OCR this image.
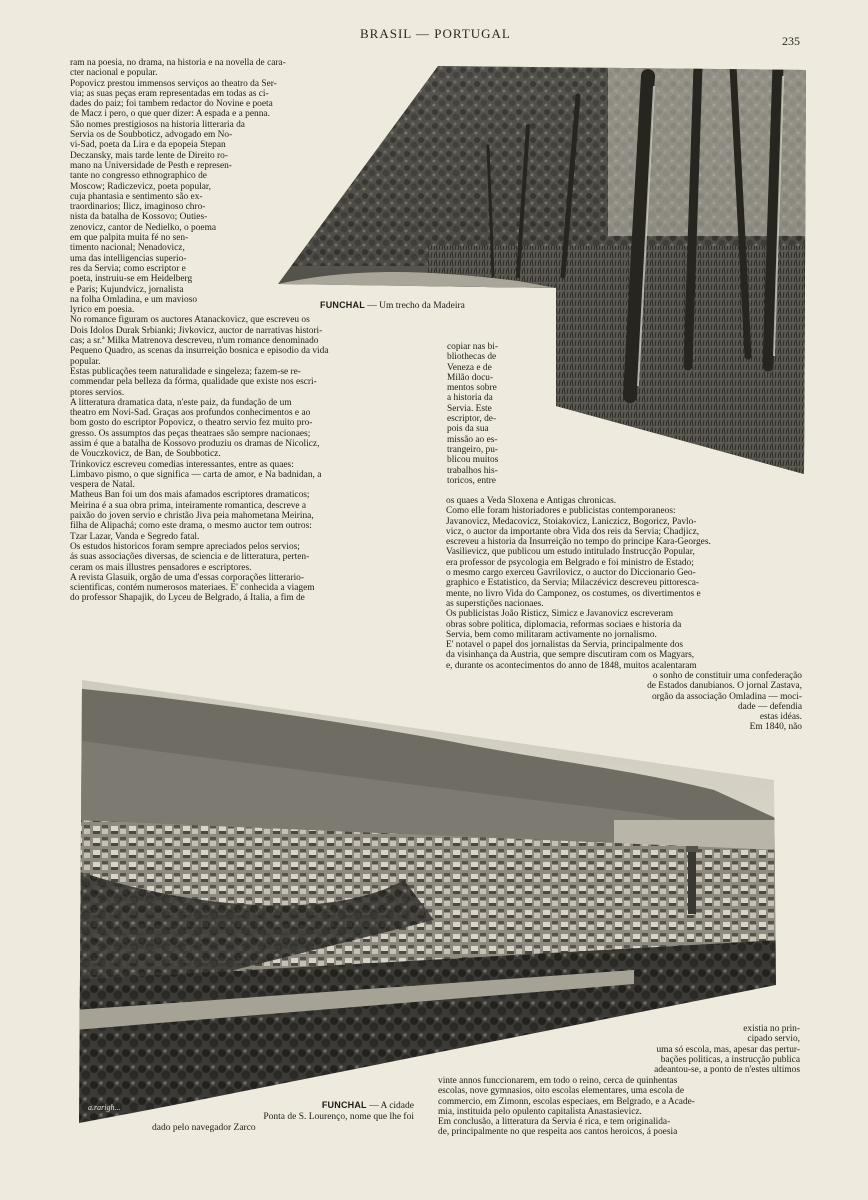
BRASIL — PORTUGAL	235
FUNCHAL — Um trecho da Madeira

ram na poesia, no drama, na historia e na novella de cara-

cter nacional e popular.

Popovicz prestou immensos serviços ao theatro da Ser-

via; as suas peças eram representadas em todas as ci-

dades do paiz; foi tambem redactor do Novine e poeta

de Macz i pero, o que quer dizer: A espada e a penna.

São nomes prestigiosos na historia litteraria da

Servia os de Soubboticz, advogado em No-

vi-Sad, poeta da Lira e da epopeia Stepan

Deczansky, mais tarde lente de Direito ro-

mano na Universidade de Pesth e represen-

tante no congresso ethnographico de

Moscow; Radiczevicz, poeta popular,

cuja phantasia e sentimento são ex-

traordinarios; Ilicz, imaginoso chro-

nista da batalha de Kossovo; Outies-

zenovicz, cantor de Nedielko, o poema

em que palpita muita fé no sen-

timento nacional; Nenadovicz,

uma das intelligencias superio-

res da Servia; como escriptor e

poeta, instruiu-se em Heidelberg

e Paris; Kujundvicz, jornalista

na folha Omladina, e um mavioso

lyrico em poesia.

No romance figuram os auctores Atanackovicz, que escreveu os

Dois Idolos Durak Srbianki; Jivkovicz, auctor de narrativas histori-

cas; a sr.ª Milka Matrenova descreveu, n'um romance denominado

Pequeno Quadro, as scenas da insurreição bosnica e episodio da vida

popular.

Estas publicações teem naturalidade e singeleza; fazem-se re-

commendar pela belleza da fórma, qualidade que existe nos escri-

ptores servios.

A litteratura dramatica data, n'este paiz, da fundação de um

theatro em Novi-Sad. Graças aos profundos conhecimentos e ao

bom gosto do escriptor Popovicz, o theatro servio fez muito pro-

gresso. Os assumptos das peças theatraes são sempre nacionaes;

assim é que a batalha de Kossovo produziu os dramas de Nicolicz,

de Vouczkovicz, de Ban, de Soubboticz.

Trinkovicz escreveu comedias interessantes, entre as quaes:

Limbavo pismo, o que significa — carta de amor, e Na badnidan, a

vespera de Natal.

Matheus Ban foi um dos mais afamados escriptores dramaticos;

Meirina é a sua obra prima, inteiramente romantica, descreve a

paixão do joven servio e christão Jiva peia mahometana Meirina,

filha de Alipachá; como este drama, o mesmo auctor tem outros:

Tzar Lazar, Vanda e Segredo fatal.

Os estudos historicos foram sempre apreciados pelos servios;

ás suas associações diversas, de sciencia e de litteratura, perten-

ceram os mais illustres pensadores e escriptores.

A revista Glasuik, orgão de uma d'essas corporações litterario-

scientificas, contém numerosos materiaes. E' conhecida a viagem

do professor Shapajik, do Lyceu de Belgrado, á Italia, a fim de

copiar nas bi-

bliothecas de

Veneza e de

Milão docu-

mentos sobre

a historia da

Servia. Este

escriptor, de-

pois da sua

missão ao es-

trangeiro, pu-

blicou muitos

trabalhos his-

toricos, entre

os quaes a Veda Sloxena e Antigas chronicas.

Como elle foram historiadores e publicistas contemporaneos:

Javanovicz, Medacovicz, Stoiakovicz, Laniczicz, Bogoricz, Pavlo-

vicz, o auctor da importante obra Vida dos reis da Servia; Chadjicz,

escreveu a historia da Insurreição no tempo do principe Kara-Georges.

Vasilievicz, que publicou um estudo intitulado Instrucção Popular,

era professor de psycologia em Belgrado e foi ministro de Estado;

o mesmo cargo exerceu Gavrilovicz, o auctor do Diccionario Geo-

graphico e Estatistico, da Servia; Milaczévicz descreveu pittoresca-

mente, no livro Vida do Camponez, os costumes, os divertimentos e

as superstições nacionaes.

Os publicistas João Risticz, Simicz e Javanovicz escreveram

obras sobre politica, diplomacia, reformas sociaes e historia da

Servia, bem como militaram activamente no jornalismo.

E' notavel o papel dos jornalistas da Servia, principalmente dos

da visinhança da Austria, que sempre discutiram com os Magyars,

e, durante os acontecimentos do anno de 1848, muitos acalentaram

o sonho de constituir uma confederação

de Estados danubianos. O jornal Zastava,

orgão da associação Omladina — moci-

dade — defendia

estas idéas.

Em 1840, não

a.rarigh...	FUNCHAL — A cidade
Ponta de S. Lourenço, nome que lhe foi
dado pelo navegador Zarco

existia no prin-

cipado servio,

uma só escola, mas, apesar das pertur-

bações politicas, a instrucção publica

adeantou-se, a ponto de n'estes ultimos

vinte annos funccionarem, em todo o reino, cerca de quinhentas

escolas, nove gymnasios, oito escolas elementares, uma escola de

commercio, em Zimonn, escolas especiaes, em Belgrado, e a Acade-

mia, instituida pelo opulento capitalista Anastasievicz.

Em conclusão, a litteratura da Servia é rica, e tem originalida-

de, principalmente no que respeita aos cantos heroicos, á poesia
